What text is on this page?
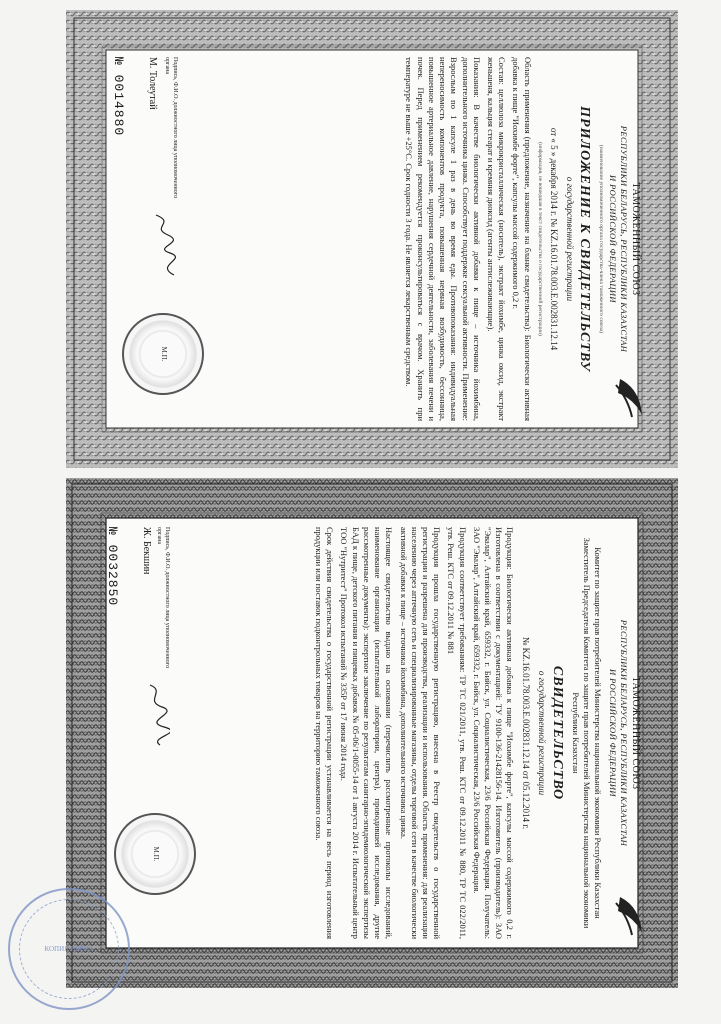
ТАМОЖЕННЫЙ СОЮЗ
РЕСПУБЛИКИ БЕЛАРУСЬ, РЕСПУБЛИКИ КАЗАХСТАН
И РОССИЙСКОЙ ФЕДЕРАЦИИ
(наименование уполномоченного органа государства-члена таможенного союза)
ПРИЛОЖЕНИЕ К СВИДЕТЕЛЬСТВУ
о государственной регистрации
от « 5 » декабря 2014 г. № KZ.16.01.78.003.Е.002831.12.14
(информация, не вошедшая в текст свидетельства о государственной регистрации)

Область применения (предложение, назначение на бланке свидетельства): Биологически активная добавка к пище "Иохимбе форте", капсулы массой содержимого 0,2 г.

Состав: целлюлоза микрокристаллическая (носитель), экстракт йохимбе, цинка оксид, экстракт женьшеня, кальция стеарат и кремния диоксид (агенты антислеживающие).

Показания: В качестве биологически активной добавки к пище – источника йохимбина, дополнительного источника цинка. Способствует поддержке сексуальной активности. Применение: Взрослым по 1 капсуле 1 раз в день во время еды. Противопоказания: индивидуальная непереносимость компонентов продукта, повышенная нервная возбудимость, бессонница, повышенное артериальное давление, нарушения сердечной деятельности, заболевания печени и почек. Перед применением рекомендуется проконсультироваться с врачом. Хранить при температуре не выше +25°С. Срок годности 3 года. Не является лекарственным средством.

Подпись, Ф.И.О. должностного лица уполномоченного органа
М. Толеутай
М.П.
№ 0014880
ТАМОЖЕННЫЙ СОЮЗ
РЕСПУБЛИКИ БЕЛАРУСЬ, РЕСПУБЛИКИ КАЗАХСТАН
И РОССИЙСКОЙ ФЕДЕРАЦИИ
Комитет по защите прав потребителей Министерства национальной экономики Республики Казахстан
Заместитель Председателя Комитета по защите прав потребителей Министерства национальной экономики Республики Казахстан
СВИДЕТЕЛЬСТВО
о государственной регистрации
№ KZ.16.01.78.003.Е.002831.12.14 от 05.12.2014 г.

Продукция: Биологически активная добавка к пище "Иохимбе форте", капсулы массой содержимого 0,2 г. Изготовлена в соответствии с документацией: ТУ 9100-136-21428156-14. Изготовитель (производитель): ЗАО "Эвалар", Алтайский край, 659332, г. Бийск, ул. Социалистическая, 23/6 Российская Федерация. Получатель: ЗАО "Эвалар", Алтайский край, 659332, г. Бийск, ул. Социалистическая, 23/6 Российская Федерация.

Продукция соответствует требованиям: ТР ТС 021/2011, утв. Реш. КТС от 09.12.2011 № 880, ТР ТС 022/2011, утв. Реш. КТС от 09.12.2011 № 881

Продукция прошла государственную регистрацию, внесена в Реестр свидетельств о государственной регистрации и разрешена для производства, реализации и использования. Область применения: для реализации населению через аптечную сеть и специализированные магазины, отделы торговой сети в качестве биологически активной добавки к пище – источника йохимбина, дополнительного источника цинка.

Настоящее свидетельство выдано на основании (перечислить рассмотренные протоколы исследований, наименование организации (испытательной лаборатории, центра), проводившей исследования, другие рассмотренные документы): экспертное заключение по результатам санитарно-эпидемиологической экспертизы БАД к пище, детского питания и пищевых добавок № 05-06/1-0055-14 от 1 августа 2014 г. Испытательный центр ТОО "Нутритест" Протокол испытаний № 335Р от 17 июня 2014 года.

Срок действия свидетельства о государственной регистрации устанавливается на весь период изготовления продукции или поставок подконтрольных товаров на территорию таможенного союза.

Подпись, Ф.И.О. должностного лица уполномоченного органа
Ж. Бекшин
М.П.
№ 0032850
КОПИЯ ВЕРНА
